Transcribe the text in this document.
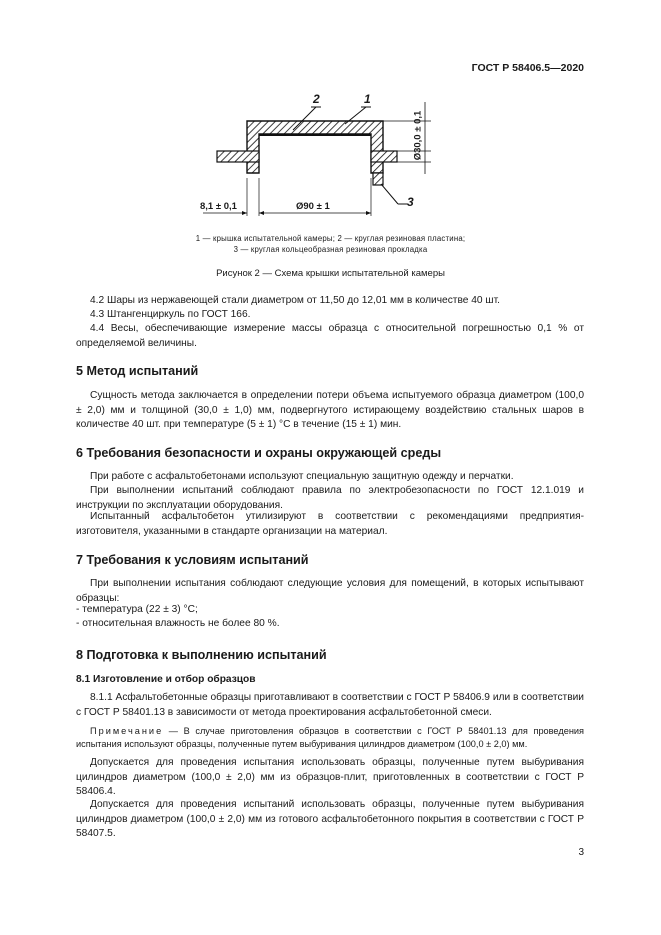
ГОСТ Р 58406.5—2020
2	1
3
8,1 ± 0,1	Ø90 ± 1
Ø30,0 ± 0,1
1 — крышка испытательной камеры; 2 — круглая резиновая пластина;
3 — круглая кольцеобразная резиновая прокладка
Рисунок 2 — Схема крышки испытательной камеры
4.2 Шары из нержавеющей стали диаметром от 11,50 до 12,01 мм в количестве 40 шт.
4.3 Штангенциркуль по ГОСТ 166.
4.4 Весы, обеспечивающие измерение массы образца с относительной погрешностью 0,1 % от определяемой величины.
5 Метод испытаний
Сущность метода заключается в определении потери объема испытуемого образца диаметром (100,0 ± 2,0) мм и толщиной (30,0 ± 1,0) мм, подвергнутого истирающему воздействию стальных шаров в количестве 40 шт. при температуре (5 ± 1) °С в течение (15 ± 1) мин.
6 Требования безопасности и охраны окружающей среды
При работе с асфальтобетонами используют специальную защитную одежду и перчатки.
При выполнении испытаний соблюдают правила по электробезопасности по ГОСТ 12.1.019 и инструкции по эксплуатации оборудования.
Испытанный асфальтобетон утилизируют в соответствии с рекомендациями предприятия-изготовителя, указанными в стандарте организации на материал.
7 Требования к условиям испытаний
При выполнении испытания соблюдают следующие условия для помещений, в которых испытывают образцы:
- температура (22 ± 3) °С;
- относительная влажность не более 80 %.
8 Подготовка к выполнению испытаний
8.1 Изготовление и отбор образцов
8.1.1 Асфальтобетонные образцы приготавливают в соответствии с ГОСТ Р 58406.9 или в соответствии с ГОСТ Р 58401.13 в зависимости от метода проектирования асфальтобетонной смеси.
Примечание — В случае приготовления образцов в соответствии с ГОСТ Р 58401.13 для проведения испытания используют образцы, полученные путем выбуривания цилиндров диаметром (100,0 ± 2,0) мм.
Допускается для проведения испытания использовать образцы, полученные путем выбуривания цилиндров диаметром (100,0 ± 2,0) мм из образцов-плит, приготовленных в соответствии с ГОСТ Р 58406.4.
Допускается для проведения испытаний использовать образцы, полученные путем выбуривания цилиндров диаметром (100,0 ± 2,0) мм из готового асфальтобетонного покрытия в соответствии с ГОСТ Р 58407.5.
3
